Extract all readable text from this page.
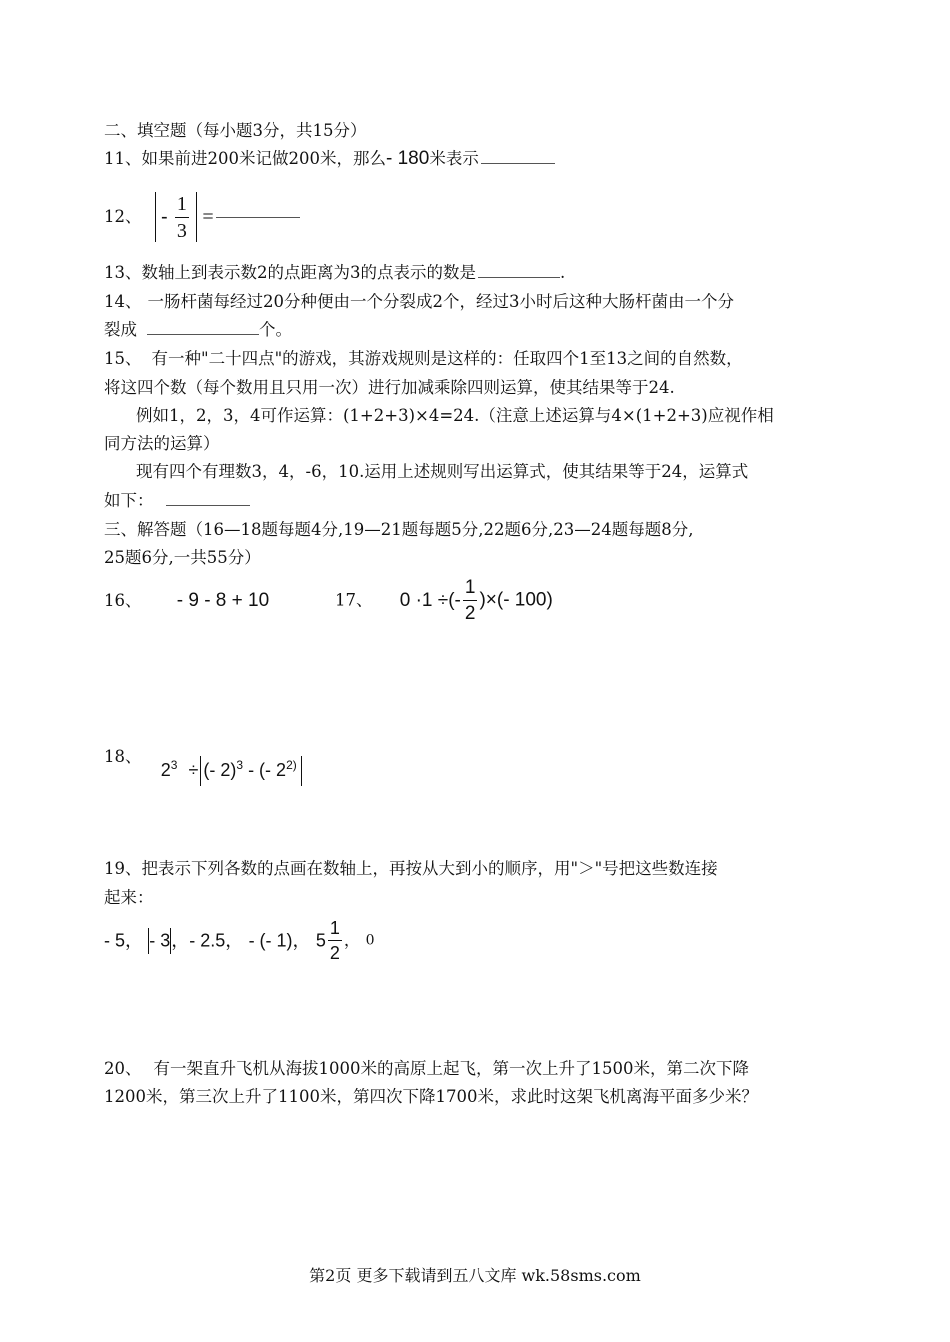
二、填空题（每小题3分，共15分）
11、如果前进200米记做200米，那么- 180米表示
12、 - $\frac{1}{3}$ =
13、数轴上到表示数2的点距离为3的点表示的数是	.
14、 一肠杆菌每经过20分种便由一个分裂成2个，经过3小时后这种大肠杆菌由一个分
裂成	个。
15、 有一种"二十四点"的游戏，其游戏规则是这样的：任取四个1至13之间的自然数，
将这四个数（每个数用且只用一次）进行加减乘除四则运算，使其结果等于24.
例如1，2，3，4可作运算：(1+2+3)×4=24.（注意上述运算与4×(1+2+3)应视作相
同方法的运算）
现有四个有理数3，4，-6，10.运用上述规则写出运算式，使其结果等于24，运算式
如下：
三、解答题（16—18题每题4分,19—21题每题5分,22题6分,23—24题每题8分,
25题6分,一共55分）
16、 - 9 - 8 + 10	17、 0 ·1 ÷(- $\frac{1}{2}$ )×(- 100)
18、 $2^3$ ÷ (- 2)$^3$ - (- 2$^{2)}$
19、把表示下列各数的点画在数轴上，再按从大到小的顺序，用"＞"号把这些数连接
起来：
- 5， - 3，- 2.5， - (- 1)， $5 \frac{1}{2}$ ， 0
20、 有一架直升飞机从海拔1000米的高原上起飞，第一次上升了1500米，第二次下降
1200米，第三次上升了1100米，第四次下降1700米，求此时这架飞机离海平面多少米？
第2页 更多下载请到五八文库 wk.58sms.com
